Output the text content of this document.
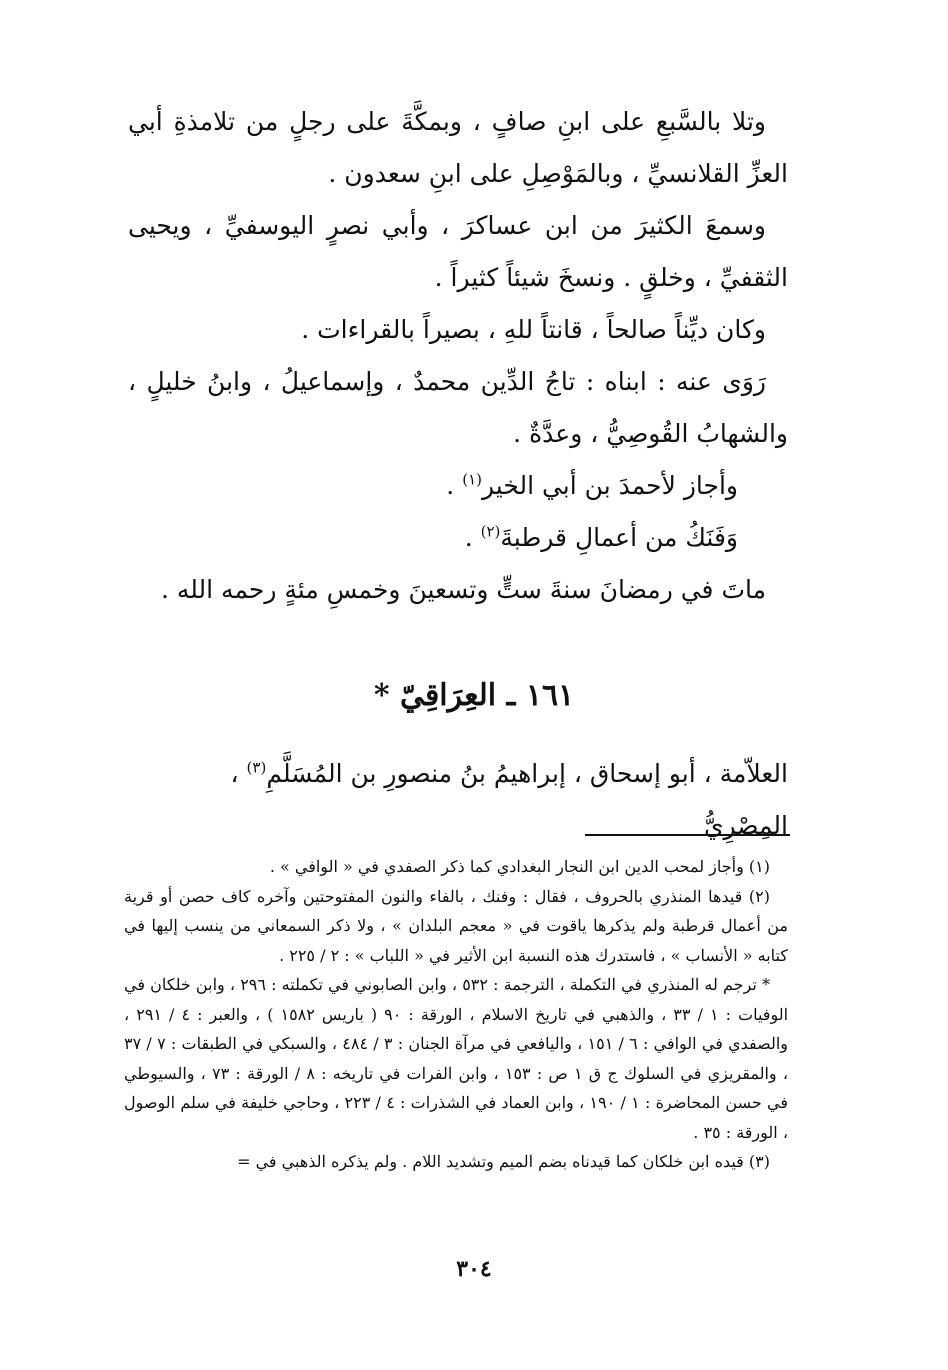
وتلا بالسَّبعِ على ابنِ صافٍ ، وبمكَّةَ على رجلٍ من تلامذةِ أبي العزِّ القلانسيِّ ، وبالمَوْصِلِ على ابنِ سعدون .

وسمعَ الكثيرَ من ابن عساكرَ ، وأبي نصرٍ اليوسفيِّ ، ويحيى الثقفيِّ ، وخلقٍ . ونسخَ شيئاً كثيراً .

وكان ديِّناً صالحاً ، قانتاً للهِ ، بصيراً بالقراءات .

رَوَى عنه : ابناه : تاجُ الدِّين محمدٌ ، وإسماعيلُ ، وابنُ خليلٍ ، والشهابُ القُوصِيُّ ، وعدَّةٌ .

وأجاز لأحمدَ بن أبي الخير$^{(١)}$ .

وَفَنَكُ من أعمالِ قرطبةَ$^{(٢)}$ .

ماتَ في رمضانَ سنةَ ستٍّ وتسعينَ وخمسِ مئةٍ رحمه الله .

١٦١ ـ العِرَاقِيّ *
العلاّمة ، أبو إسحاق ، إبراهيمُ بنُ منصورِ بن المُسَلَّمِ$^{(٣)}$ ، المِصْرِيُّ

(١) وأجاز لمحب الدين ابن النجار البغدادي كما ذكر الصفدي في « الوافي » .

(٢) قيدها المنذري بالحروف ، فقال : وفنك ، بالفاء والنون المفتوحتين وآخره كاف حصن أو قرية من أعمال قرطبة ولم يذكرها ياقوت في « معجم البلدان » ، ولا ذكر السمعاني من ينسب إليها في كتابه « الأنساب » ، فاستدرك هذه النسبة ابن الأثير في « اللباب » : ٢ / ٢٢٥ .

* ترجم له المنذري في التكملة ، الترجمة : ٥٣٢ ، وابن الصابوني في تكملته : ٢٩٦ ، وابن خلكان في الوفيات : ١ / ٣٣ ، والذهبي في تاريخ الاسلام ، الورقة : ٩٠ ( باريس ١٥٨٢ ) ، والعبر : ٤ / ٢٩١ ، والصفدي في الوافي : ٦ / ١٥١ ، واليافعي في مرآة الجنان : ٣ / ٤٨٤ ، والسبكي في الطبقات : ٧ / ٣٧ ، والمقريزي في السلوك ج ق ١ ص : ١٥٣ ، وابن الفرات في تاريخه : ٨ / الورقة : ٧٣ ، والسيوطي في حسن المحاضرة : ١ / ١٩٠ ، وابن العماد في الشذرات : ٤ / ٢٢٣ ، وحاجي خليفة في سلم الوصول ، الورقة : ٣٥ .

(٣) قيده ابن خلكان كما قيدناه بضم الميم وتشديد اللام . ولم يذكره الذهبي في =

٣٠٤
